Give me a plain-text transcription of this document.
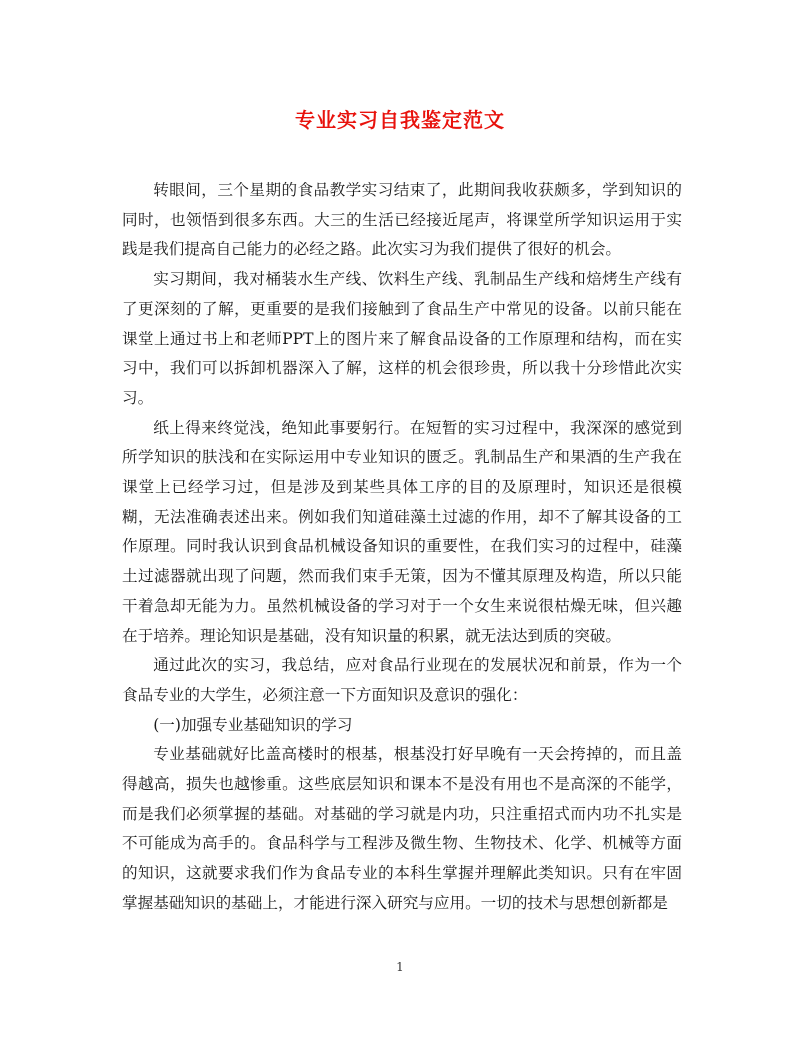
专业实习自我鉴定范文

转眼间，三个星期的食品教学实习结束了，此期间我收获颇多，学到知识的同时，也领悟到很多东西。大三的生活已经接近尾声，将课堂所学知识运用于实践是我们提高自己能力的必经之路。此次实习为我们提供了很好的机会。

实习期间，我对桶装水生产线、饮料生产线、乳制品生产线和焙烤生产线有了更深刻的了解，更重要的是我们接触到了食品生产中常见的设备。以前只能在课堂上通过书上和老师PPT上的图片来了解食品设备的工作原理和结构，而在实习中，我们可以拆卸机器深入了解，这样的机会很珍贵，所以我十分珍惜此次实习。

纸上得来终觉浅，绝知此事要躬行。在短暂的实习过程中，我深深的感觉到所学知识的肤浅和在实际运用中专业知识的匮乏。乳制品生产和果酒的生产我在课堂上已经学习过，但是涉及到某些具体工序的目的及原理时，知识还是很模糊，无法准确表述出来。例如我们知道硅藻土过滤的作用，却不了解其设备的工作原理。同时我认识到食品机械设备知识的重要性，在我们实习的过程中，硅藻土过滤器就出现了问题，然而我们束手无策，因为不懂其原理及构造，所以只能干着急却无能为力。虽然机械设备的学习对于一个女生来说很枯燥无味，但兴趣在于培养。理论知识是基础，没有知识量的积累，就无法达到质的突破。

通过此次的实习，我总结，应对食品行业现在的发展状况和前景，作为一个食品专业的大学生，必须注意一下方面知识及意识的强化：

(一)加强专业基础知识的学习

专业基础就好比盖高楼时的根基，根基没打好早晚有一天会挎掉的，而且盖得越高，损失也越惨重。这些底层知识和课本不是没有用也不是高深的不能学，而是我们必须掌握的基础。对基础的学习就是内功，只注重招式而内功不扎实是不可能成为高手的。食品科学与工程涉及微生物、生物技术、化学、机械等方面的知识，这就要求我们作为食品专业的本科生掌握并理解此类知识。只有在牢固掌握基础知识的基础上，才能进行深入研究与应用。一切的技术与思想创新都是

1
